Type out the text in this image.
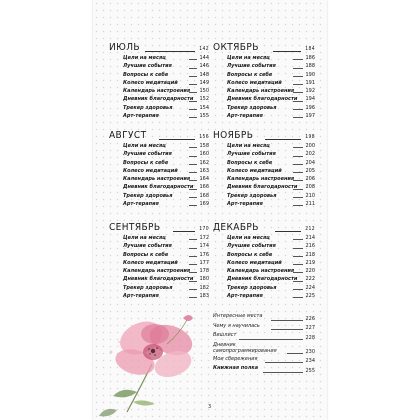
ИЮЛЬ	142
Цели на месяц	144
Лучшие события	146
Вопросы к себе	148
Колесо медитаций	149
Календарь настроения 150
Дневник благодарности 152
Трекер здоровья	154
Арт-терапия	155
АВГУСТ	156
Цели на месяц	158
Лучшие события	160
Вопросы к себе	162
Колесо медитаций	163
Календарь настроения 164
Дневник благодарности 166
Трекер здоровья	168
Арт-терапия	169
СЕНТЯБРЬ	170
Цели на месяц	172
Лучшие события	174
Вопросы к себе	176
Колесо медитаций	177
Календарь настроения 178
Дневник благодарности 180
Трекер здоровья	182
Арт-терапия	183
ОКТЯБРЬ	184
Цели на месяц	186
Лучшие события	188
Вопросы к себе	190
Колесо медитаций	191
Календарь настроения 192
Дневник благодарности 194
Трекер здоровья	196
Арт-терапия	197
НОЯБРЬ	198
Цели на месяц	200
Лучшие события	202
Вопросы к себе	204
Колесо медитаций	205
Календарь настроения 206
Дневник благодарности 208
Трекер здоровья	210
Арт-терапия	211
ДЕКАБРЬ	212
Цели на месяц	214
Лучшие события	216
Вопросы к себе	218
Колесо медитаций	219
Календарь настроения 220
Дневник благодарности 222
Трекер здоровья	224
Арт-терапия	225
Интересные места	226
Чему я научилась	227
Вишлист	228
Дневник
самопрограммирования	230
Мои сбережения	234
Книжная полка	255
3
